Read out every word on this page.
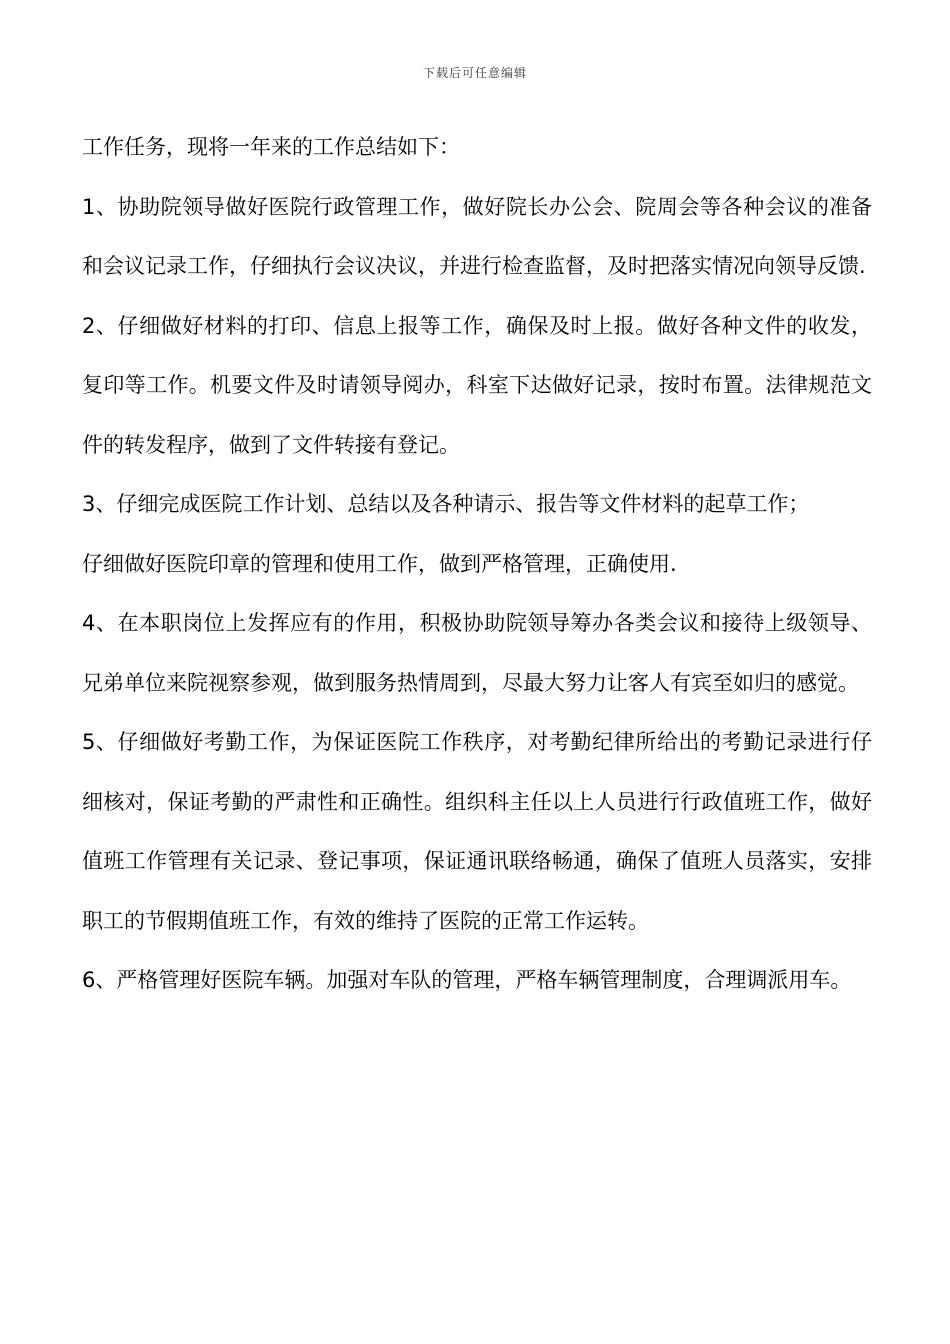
下载后可任意编辑

工作任务，现将一年来的工作总结如下：

1、协助院领导做好医院行政管理工作，做好院长办公会、院周会等各种会议的准备和会议记录工作，仔细执行会议决议，并进行检查监督，及时把落实情况向领导反馈.

2、仔细做好材料的打印、信息上报等工作，确保及时上报。做好各种文件的收发，复印等工作。机要文件及时请领导阅办，科室下达做好记录，按时布置。法律规范文件的转发程序，做到了文件转接有登记。

3、仔细完成医院工作计划、总结以及各种请示、报告等文件材料的起草工作；

仔细做好医院印章的管理和使用工作，做到严格管理，正确使用.

4、在本职岗位上发挥应有的作用，积极协助院领导筹办各类会议和接待上级领导、兄弟单位来院视察参观，做到服务热情周到，尽最大努力让客人有宾至如归的感觉。

5、仔细做好考勤工作，为保证医院工作秩序，对考勤纪律所给出的考勤记录进行仔细核对，保证考勤的严肃性和正确性。组织科主任以上人员进行行政值班工作，做好值班工作管理有关记录、登记事项，保证通讯联络畅通，确保了值班人员落实，安排职工的节假期值班工作，有效的维持了医院的正常工作运转。

6、严格管理好医院车辆。加强对车队的管理，严格车辆管理制度，合理调派用车。
